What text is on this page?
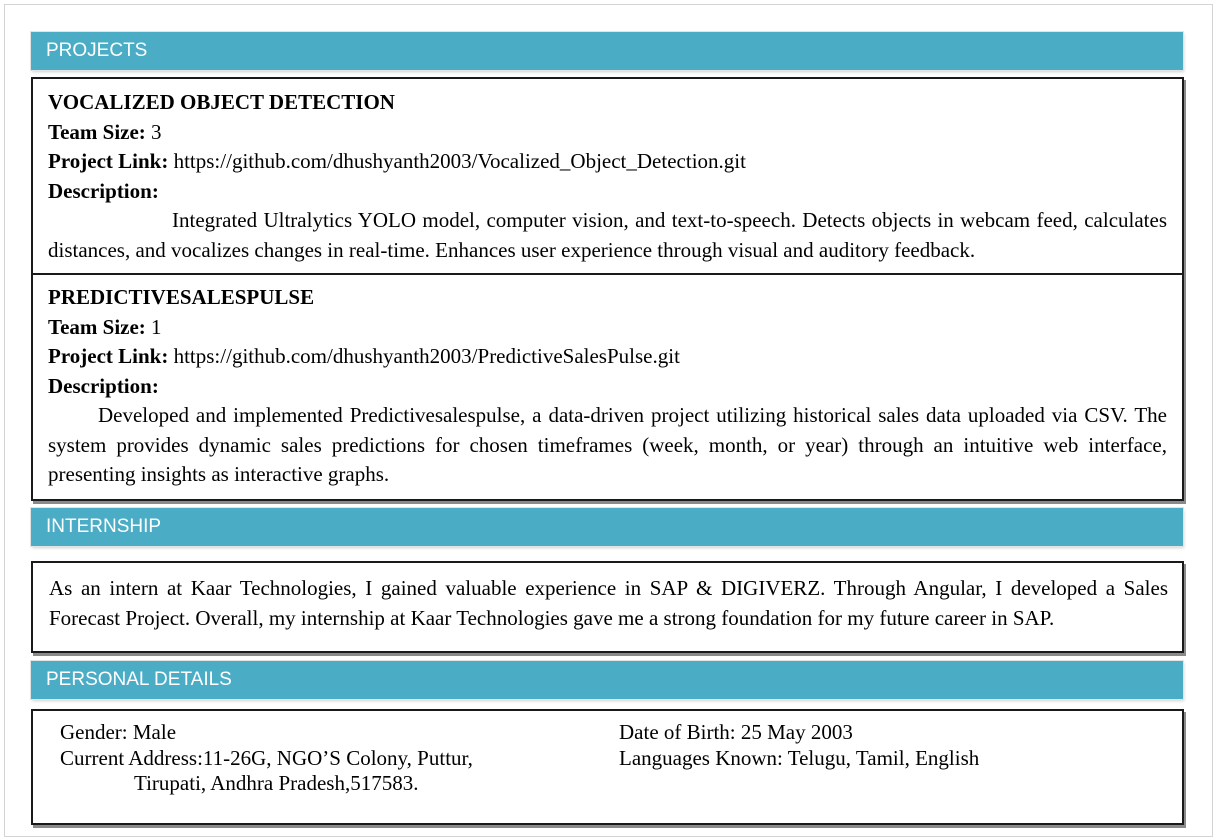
PROJECTS
VOCALIZED OBJECT DETECTION
Team Size: 3
Project Link: https://github.com/dhushyanth2003/Vocalized_Object_Detection.git
Description:
Integrated Ultralytics YOLO model, computer vision, and text-to-speech. Detects objects in webcam feed, calculates distances, and vocalizes changes in real-time. Enhances user experience through visual and auditory feedback.
PREDICTIVESALESPULSE
Team Size: 1
Project Link: https://github.com/dhushyanth2003/PredictiveSalesPulse.git
Description:
Developed and implemented Predictivesalespulse, a data-driven project utilizing historical sales data uploaded via CSV. The system provides dynamic sales predictions for chosen timeframes (week, month, or year) through an intuitive web interface, presenting insights as interactive graphs.
INTERNSHIP
As an intern at Kaar Technologies, I gained valuable experience in SAP & DIGIVERZ. Through Angular, I developed a Sales Forecast Project. Overall, my internship at Kaar Technologies gave me a strong foundation for my future career in SAP.
PERSONAL DETAILS
Gender: Male
Current Address:11-26G, NGO’S Colony, Puttur,
Tirupati, Andhra Pradesh,517583.
Date of Birth: 25 May 2003
Languages Known: Telugu, Tamil, English
